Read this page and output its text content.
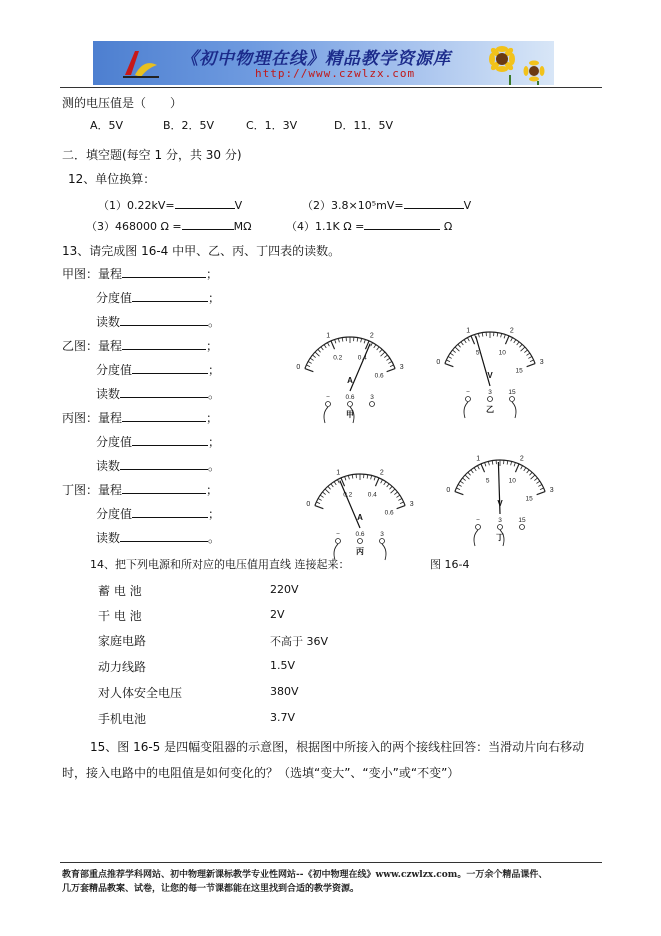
《初中物理在线》精品教学资源库
http://www.czwlzx.com
测的电压值是（　　）
A．5V	B．2．5V	C．1．3V	D．11．5V
二．填空题(每空 1 分，共 30 分)
12、单位换算：
（1）0.22kV=	V	（2）3.8×10⁵mV=	V
（3）468000 Ω =	MΩ	（4）1.1K Ω =	Ω
13、请完成图 16-4 中甲、乙、丙、丁四表的读数。
甲图：量程	；
分度值	；
读数	。
乙图：量程	；
分度值	；
读数	。
丙图：量程	；
分度值	；
读数	。
丁图：量程	；
分度值	；
读数	。
0
1	2
3
0.2 0.4
0.6
A
− 0.6 3
甲
0
1	2
3
5	10
15
V
−	3	15
乙
0
1	2
3
0.2 0.4
0.6
A
− 0.6 3
丙
0
1	2
3
5	10
15
V
−	3	15
丁
图 16-4
14、把下列电源和所对应的电压值用直线 连接起来：
蓄 电 池	220V
干 电 池	2V
家庭电路	不高于 36V
动力线路	1.5V
对人体安全电压	380V
手机电池	3.7V
15、图 16-5 是四幅变阻器的示意图，根据图中所接入的两个接线柱回答：当滑动片向右移动
时，接入电路中的电阻值是如何变化的？（选填“变大”、“变小”或“不变”）
教育部重点推荐学科网站、初中物理新课标教学专业性网站--《初中物理在线》www.czwlzx.com。一万余个精品课件、
几万套精品教案、试卷，让您的每一节课都能在这里找到合适的教学资源。
